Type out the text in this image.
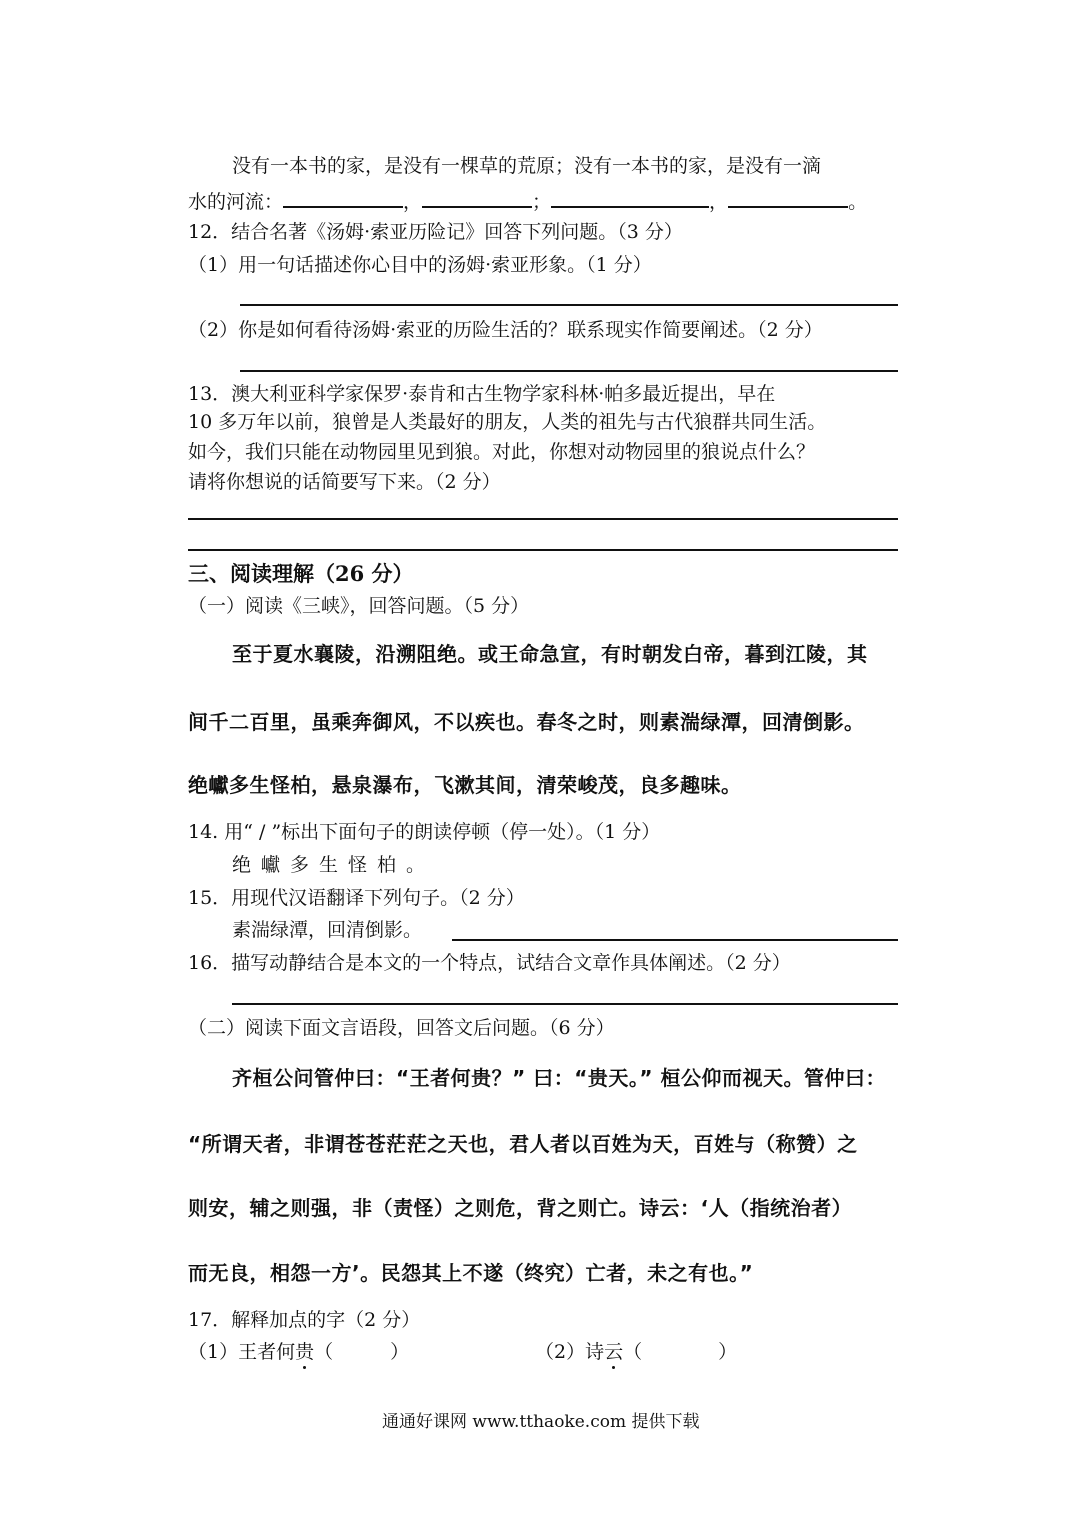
没有一本书的家，是没有一棵草的荒原；没有一本书的家，是没有一滴
水的河流：	，	；	，	。
12．结合名著《汤姆·索亚历险记》回答下列问题。（3 分）
（1）用一句话描述你心目中的汤姆·索亚形象。（1 分）
（2）你是如何看待汤姆·索亚的历险生活的？联系现实作简要阐述。（2 分）
13．澳大利亚科学家保罗·泰肯和古生物学家科林·帕多最近提出，早在
10 多万年以前，狼曾是人类最好的朋友，人类的祖先与古代狼群共同生活。
如今，我们只能在动物园里见到狼。对此，你想对动物园里的狼说点什么？
请将你想说的话简要写下来。（2 分）
三、阅读理解（26 分）
（一）阅读《三峡》，回答问题。（5 分）
至于夏水襄陵，沿溯阻绝。或王命急宣，有时朝发白帝，暮到江陵，其
间千二百里，虽乘奔御风，不以疾也。春冬之时，则素湍绿潭，回清倒影。
绝巘多生怪柏，悬泉瀑布，飞漱其间，清荣峻茂，良多趣味。
14. 用“ / ”标出下面句子的朗读停顿（停一处）。（1 分）
绝巘多生怪柏。
15．用现代汉语翻译下列句子。（2 分）
素湍绿潭，回清倒影。
16．描写动静结合是本文的一个特点，试结合文章作具体阐述。（2 分）
（二）阅读下面文言语段，回答文后问题。（6 分）
齐桓公问管仲曰：“王者何贵？” 曰：“贵天。” 桓公仰而视天。管仲曰：
“所谓天者，非谓苍苍茫茫之天也，君人者以百姓为天，百姓与（称赞）之
则安，辅之则强，非（责怪）之则危，背之则亡。诗云：‘人（指统治者）
而无良，相怨一方’。民怨其上不遂（终究）亡者，未之有也。”
17．解释加点的字（2 分）
（1）王者何贵（　　　）	（2）诗云（　　　　）
通通好课网 www.tthaoke.com 提供下载
